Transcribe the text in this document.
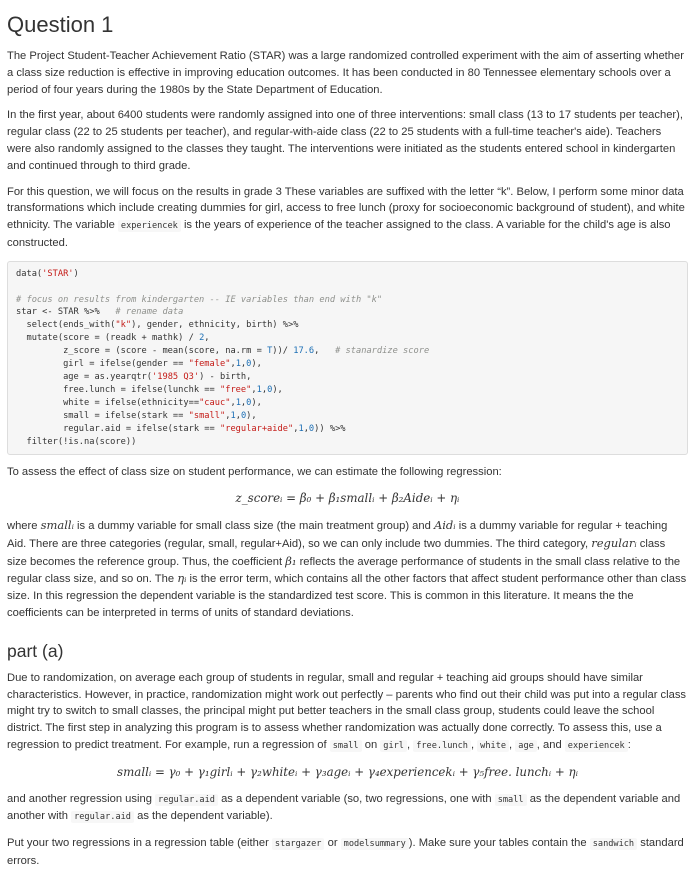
Question 1

The Project Student-Teacher Achievement Ratio (STAR) was a large randomized controlled experiment with the aim of asserting whether a class size reduction is effective in improving education outcomes. It has been conducted in 80 Tennessee elementary schools over a period of four years during the 1980s by the State Department of Education.

In the first year, about 6400 students were randomly assigned into one of three interventions: small class (13 to 17 students per teacher), regular class (22 to 25 students per teacher), and regular-with-aide class (22 to 25 students with a full-time teacher's aide). Teachers were also randomly assigned to the classes they taught. The interventions were initiated as the students entered school in kindergarten and continued through to third grade.

For this question, we will focus on the results in grade 3 These variables are suffixed with the letter “k”. Below, I perform some minor data transformations which include creating dummies for girl, access to free lunch (proxy for socioeconomic background of student), and white ethnicity. The variable experiencek is the years of experience of the teacher assigned to the class. A variable for the child's age is also constructed.

data('STAR')

# focus on results from kindergarten -- IE variables than end with "k"
star <- STAR %>%   # rename data
select(ends_with("k"), gender, ethnicity, birth) %>%
mutate(score = (readk + mathk) / 2,
z_score = (score - mean(score, na.rm = T))/ 17.6,   # stanardize score
girl = ifelse(gender == "female",1,0),
age = as.yearqtr('1985 Q3') - birth,
free.lunch = ifelse(lunchk == "free",1,0),
white = ifelse(ethnicity=="cauc",1,0),
small = ifelse(stark == "small",1,0),
regular.aid = ifelse(stark == "regular+aide",1,0)) %>%
filter(!is.na(score))

To assess the effect of class size on student performance, we can estimate the following regression:

z_scoreᵢ = β₀ + β₁smallᵢ + β₂Aideᵢ + ηᵢ

where smallᵢ is a dummy variable for small class size (the main treatment group) and Aidᵢ is a dummy variable for regular + teaching Aid. There are three categories (regular, small, regular+Aid), so we can only include two dummies. The third category, regularᵢ class size becomes the reference group. Thus, the coefficient β₁ reflects the average performance of students in the small class relative to the regular class size, and so on. The ηᵢ is the error term, which contains all the other factors that affect student performance other than class size. In this regression the dependent variable is the standardized test score. This is common in this literature. It means the the coefficients can be interpreted in terms of units of standard deviations.

part (a)

Due to randomization, on average each group of students in regular, small and regular + teaching aid groups should have similar characteristics. However, in practice, randomization might work out perfectly – parents who find out their child was put into a regular class might try to switch to small classes, the principal might put better teachers in the small class group, students could leave the school district. The first step in analyzing this program is to assess whether randomization was actually done correctly. To assess this, use a regression to predict treatment. For example, run a regression of small on girl , free.lunch , white , age , and experiencek :

smallᵢ = γ₀ + γ₁girlᵢ + γ₂whiteᵢ + γ₃ageᵢ + γ₄experiencekᵢ + γ₅free. lunchᵢ + ηᵢ

and another regression using regular.aid as a dependent variable (so, two regressions, one with small as the dependent variable and another with regular.aid as the dependent variable).

Put your two regressions in a regression table (either stargazer or modelsummary ). Make sure your tables contain the sandwich standard errors.
